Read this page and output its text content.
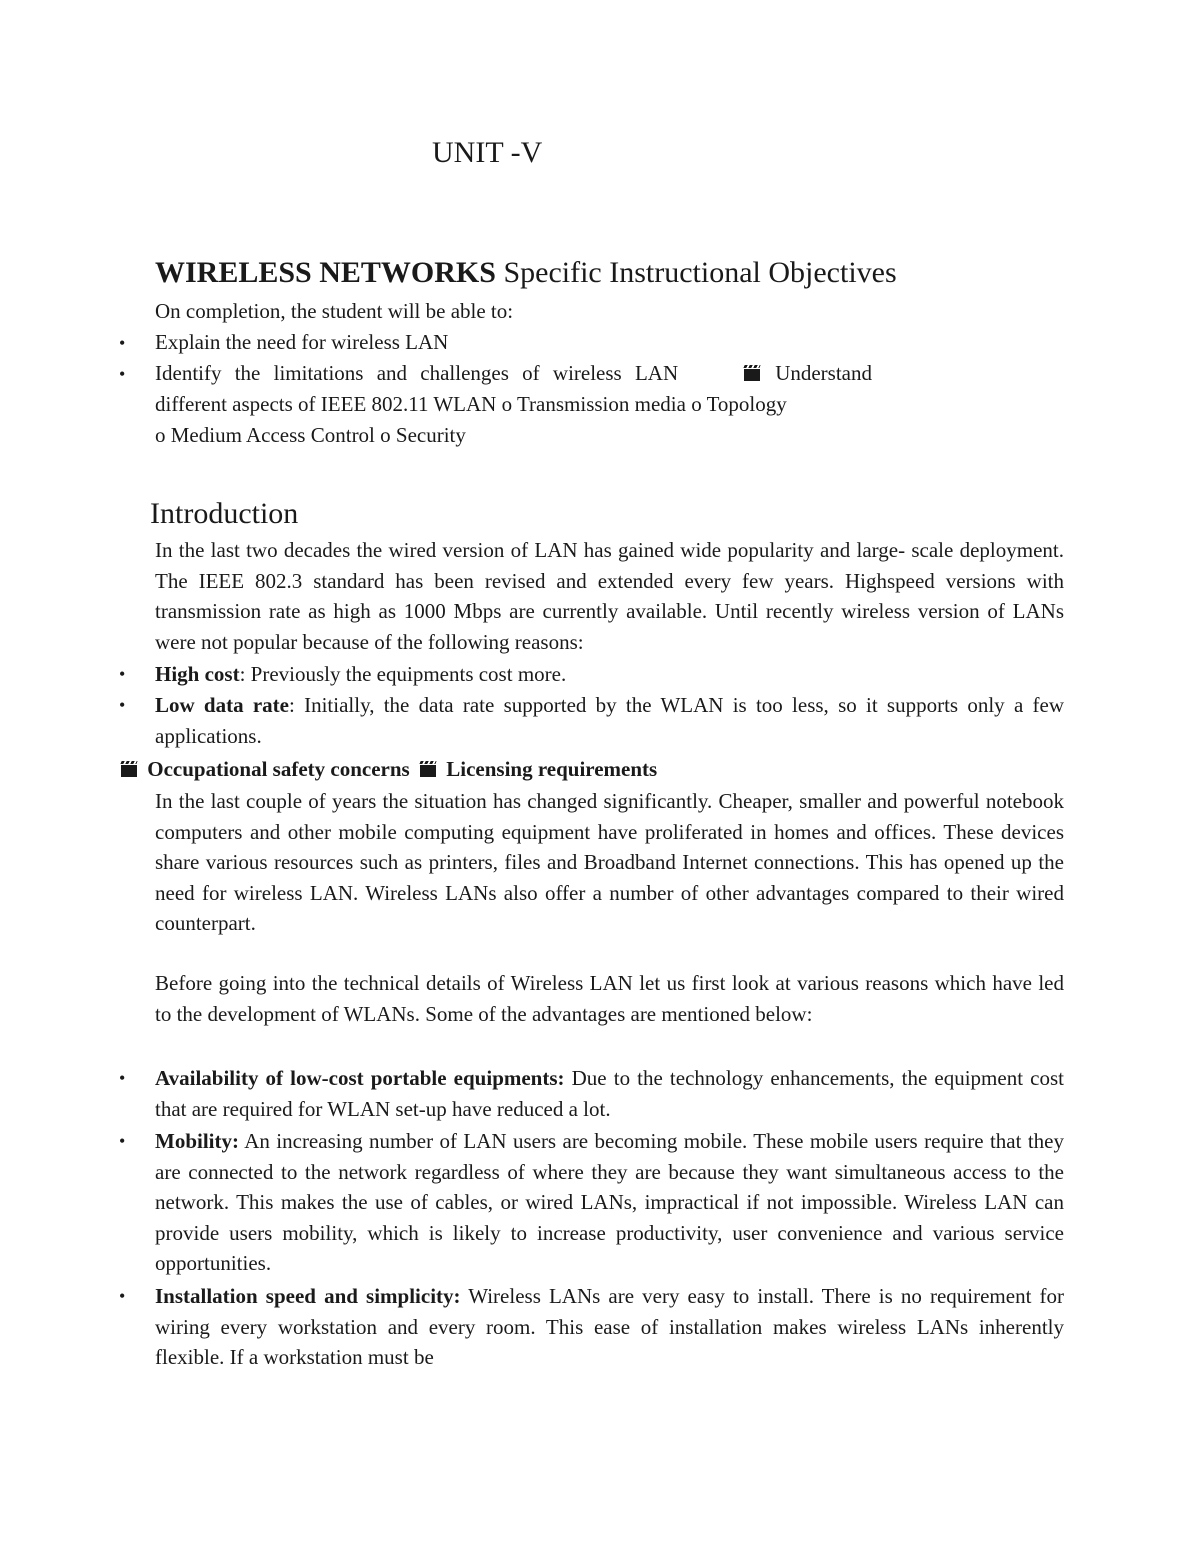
UNIT -V
WIRELESS NETWORKS Specific Instructional Objectives

On completion, the student will be able to:

• Explain the need for wireless LAN

• Identify the limitations and challenges of wireless LAN	Understand

different aspects of IEEE 802.11 WLAN o Transmission media o Topology

o Medium Access Control o Security

Introduction

In the last two decades the wired version of LAN has gained wide popularity and large- scale deployment. The IEEE 802.3 standard has been revised and extended every few years. Highspeed versions with transmission rate as high as 1000 Mbps are currently available. Until recently wireless version of LANs were not popular because of the following reasons:

• High cost: Previously the equipments cost more.

• Low data rate: Initially, the data rate supported by the WLAN is too less, so it supports only a few applications.

Occupational safety concerns Licensing requirements

In the last couple of years the situation has changed significantly. Cheaper, smaller and powerful notebook computers and other mobile computing equipment have proliferated in homes and offices. These devices share various resources such as printers, files and Broadband Internet connections. This has opened up the need for wireless LAN. Wireless LANs also offer a number of other advantages compared to their wired counterpart.

Before going into the technical details of Wireless LAN let us first look at various reasons which have led to the development of WLANs. Some of the advantages are mentioned below:

• Availability of low-cost portable equipments: Due to the technology enhancements, the equipment cost that are required for WLAN set-up have reduced a lot.

• Mobility: An increasing number of LAN users are becoming mobile. These mobile users require that they are connected to the network regardless of where they are because they want simultaneous access to the network. This makes the use of cables, or wired LANs, impractical if not impossible. Wireless LAN can provide users mobility, which is likely to increase productivity, user convenience and various service opportunities.

• Installation speed and simplicity: Wireless LANs are very easy to install. There is no requirement for wiring every workstation and every room. This ease of installation makes wireless LANs inherently flexible. If a workstation must be
